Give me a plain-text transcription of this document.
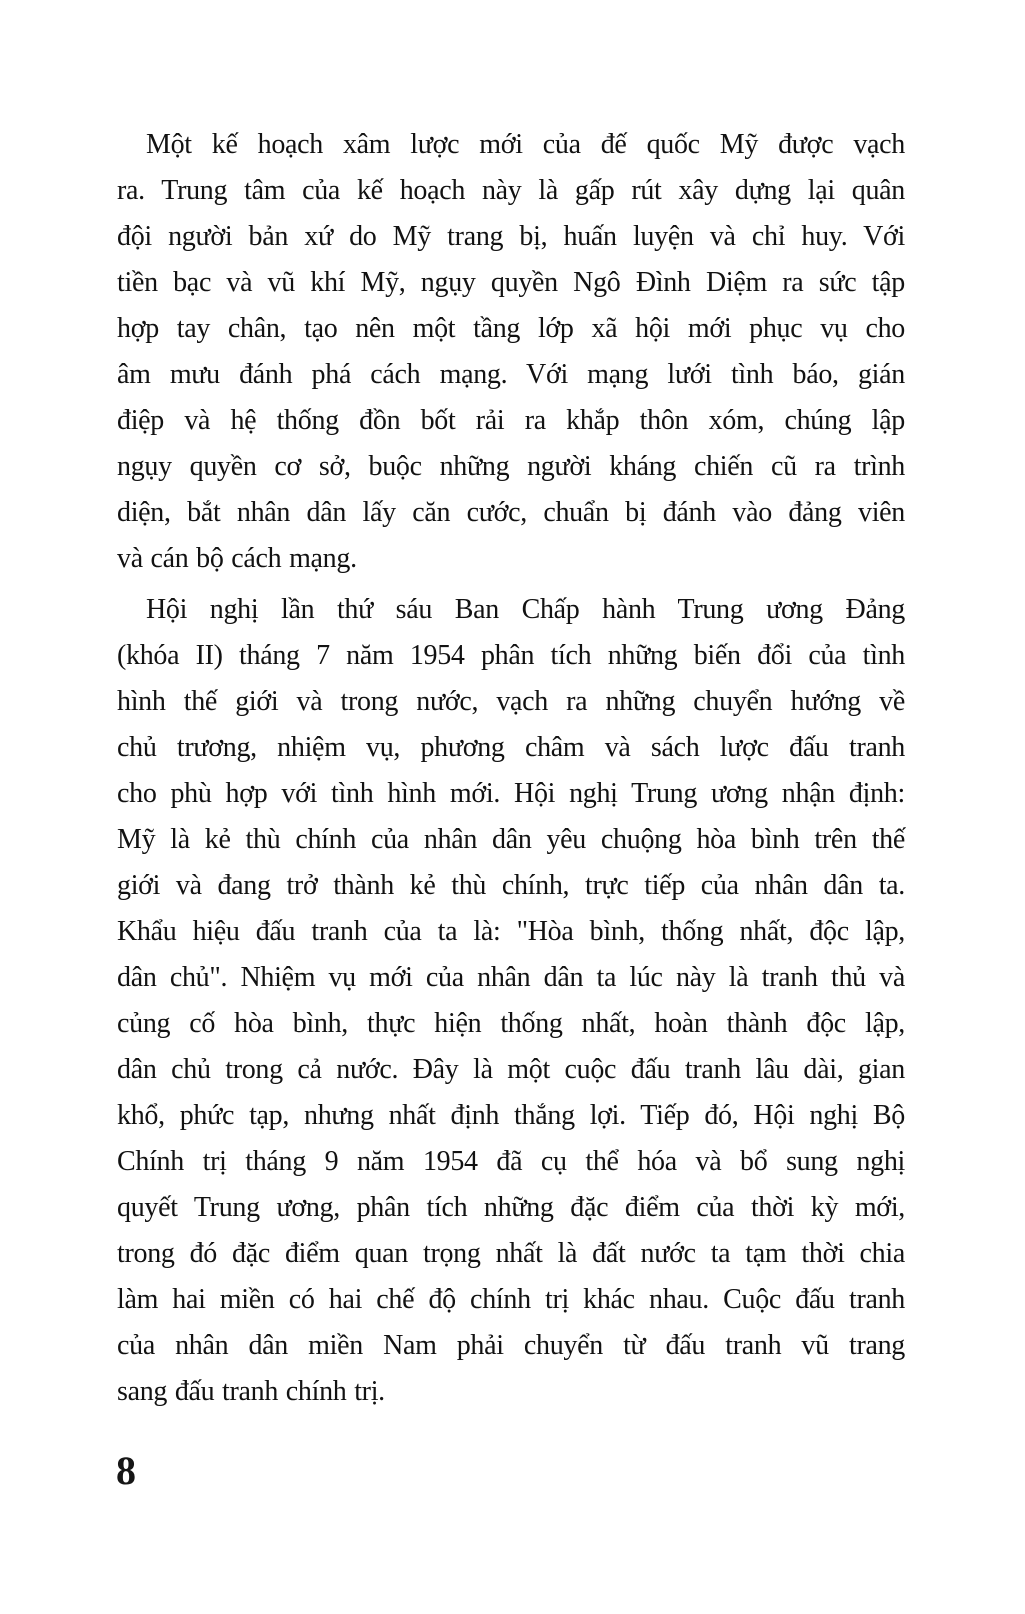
Một kế hoạch xâm lược mới của đế quốc Mỹ được vạch
ra. Trung tâm của kế hoạch này là gấp rút xây dựng lại quân
đội người bản xứ do Mỹ trang bị, huấn luyện và chỉ huy. Với
tiền bạc và vũ khí Mỹ, ngụy quyền Ngô Đình Diệm ra sức tập
hợp tay chân, tạo nên một tầng lớp xã hội mới phục vụ cho
âm mưu đánh phá cách mạng. Với mạng lưới tình báo, gián
điệp và hệ thống đồn bốt rải ra khắp thôn xóm, chúng lập
ngụy quyền cơ sở, buộc những người kháng chiến cũ ra trình
diện, bắt nhân dân lấy căn cước, chuẩn bị đánh vào đảng viên
và cán bộ cách mạng.
Hội nghị lần thứ sáu Ban Chấp hành Trung ương Đảng
(khóa II) tháng 7 năm 1954 phân tích những biến đổi của tình
hình thế giới và trong nước, vạch ra những chuyển hướng về
chủ trương, nhiệm vụ, phương châm và sách lược đấu tranh
cho phù hợp với tình hình mới. Hội nghị Trung ương nhận định:
Mỹ là kẻ thù chính của nhân dân yêu chuộng hòa bình trên thế
giới và đang trở thành kẻ thù chính, trực tiếp của nhân dân ta.
Khẩu hiệu đấu tranh của ta là: "Hòa bình, thống nhất, độc lập,
dân chủ". Nhiệm vụ mới của nhân dân ta lúc này là tranh thủ và
củng cố hòa bình, thực hiện thống nhất, hoàn thành độc lập,
dân chủ trong cả nước. Đây là một cuộc đấu tranh lâu dài, gian
khổ, phức tạp, nhưng nhất định thắng lợi. Tiếp đó, Hội nghị Bộ
Chính trị tháng 9 năm 1954 đã cụ thể hóa và bổ sung nghị
quyết Trung ương, phân tích những đặc điểm của thời kỳ mới,
trong đó đặc điểm quan trọng nhất là đất nước ta tạm thời chia
làm hai miền có hai chế độ chính trị khác nhau. Cuộc đấu tranh
của nhân dân miền Nam phải chuyển từ đấu tranh vũ trang
sang đấu tranh chính trị.
8
